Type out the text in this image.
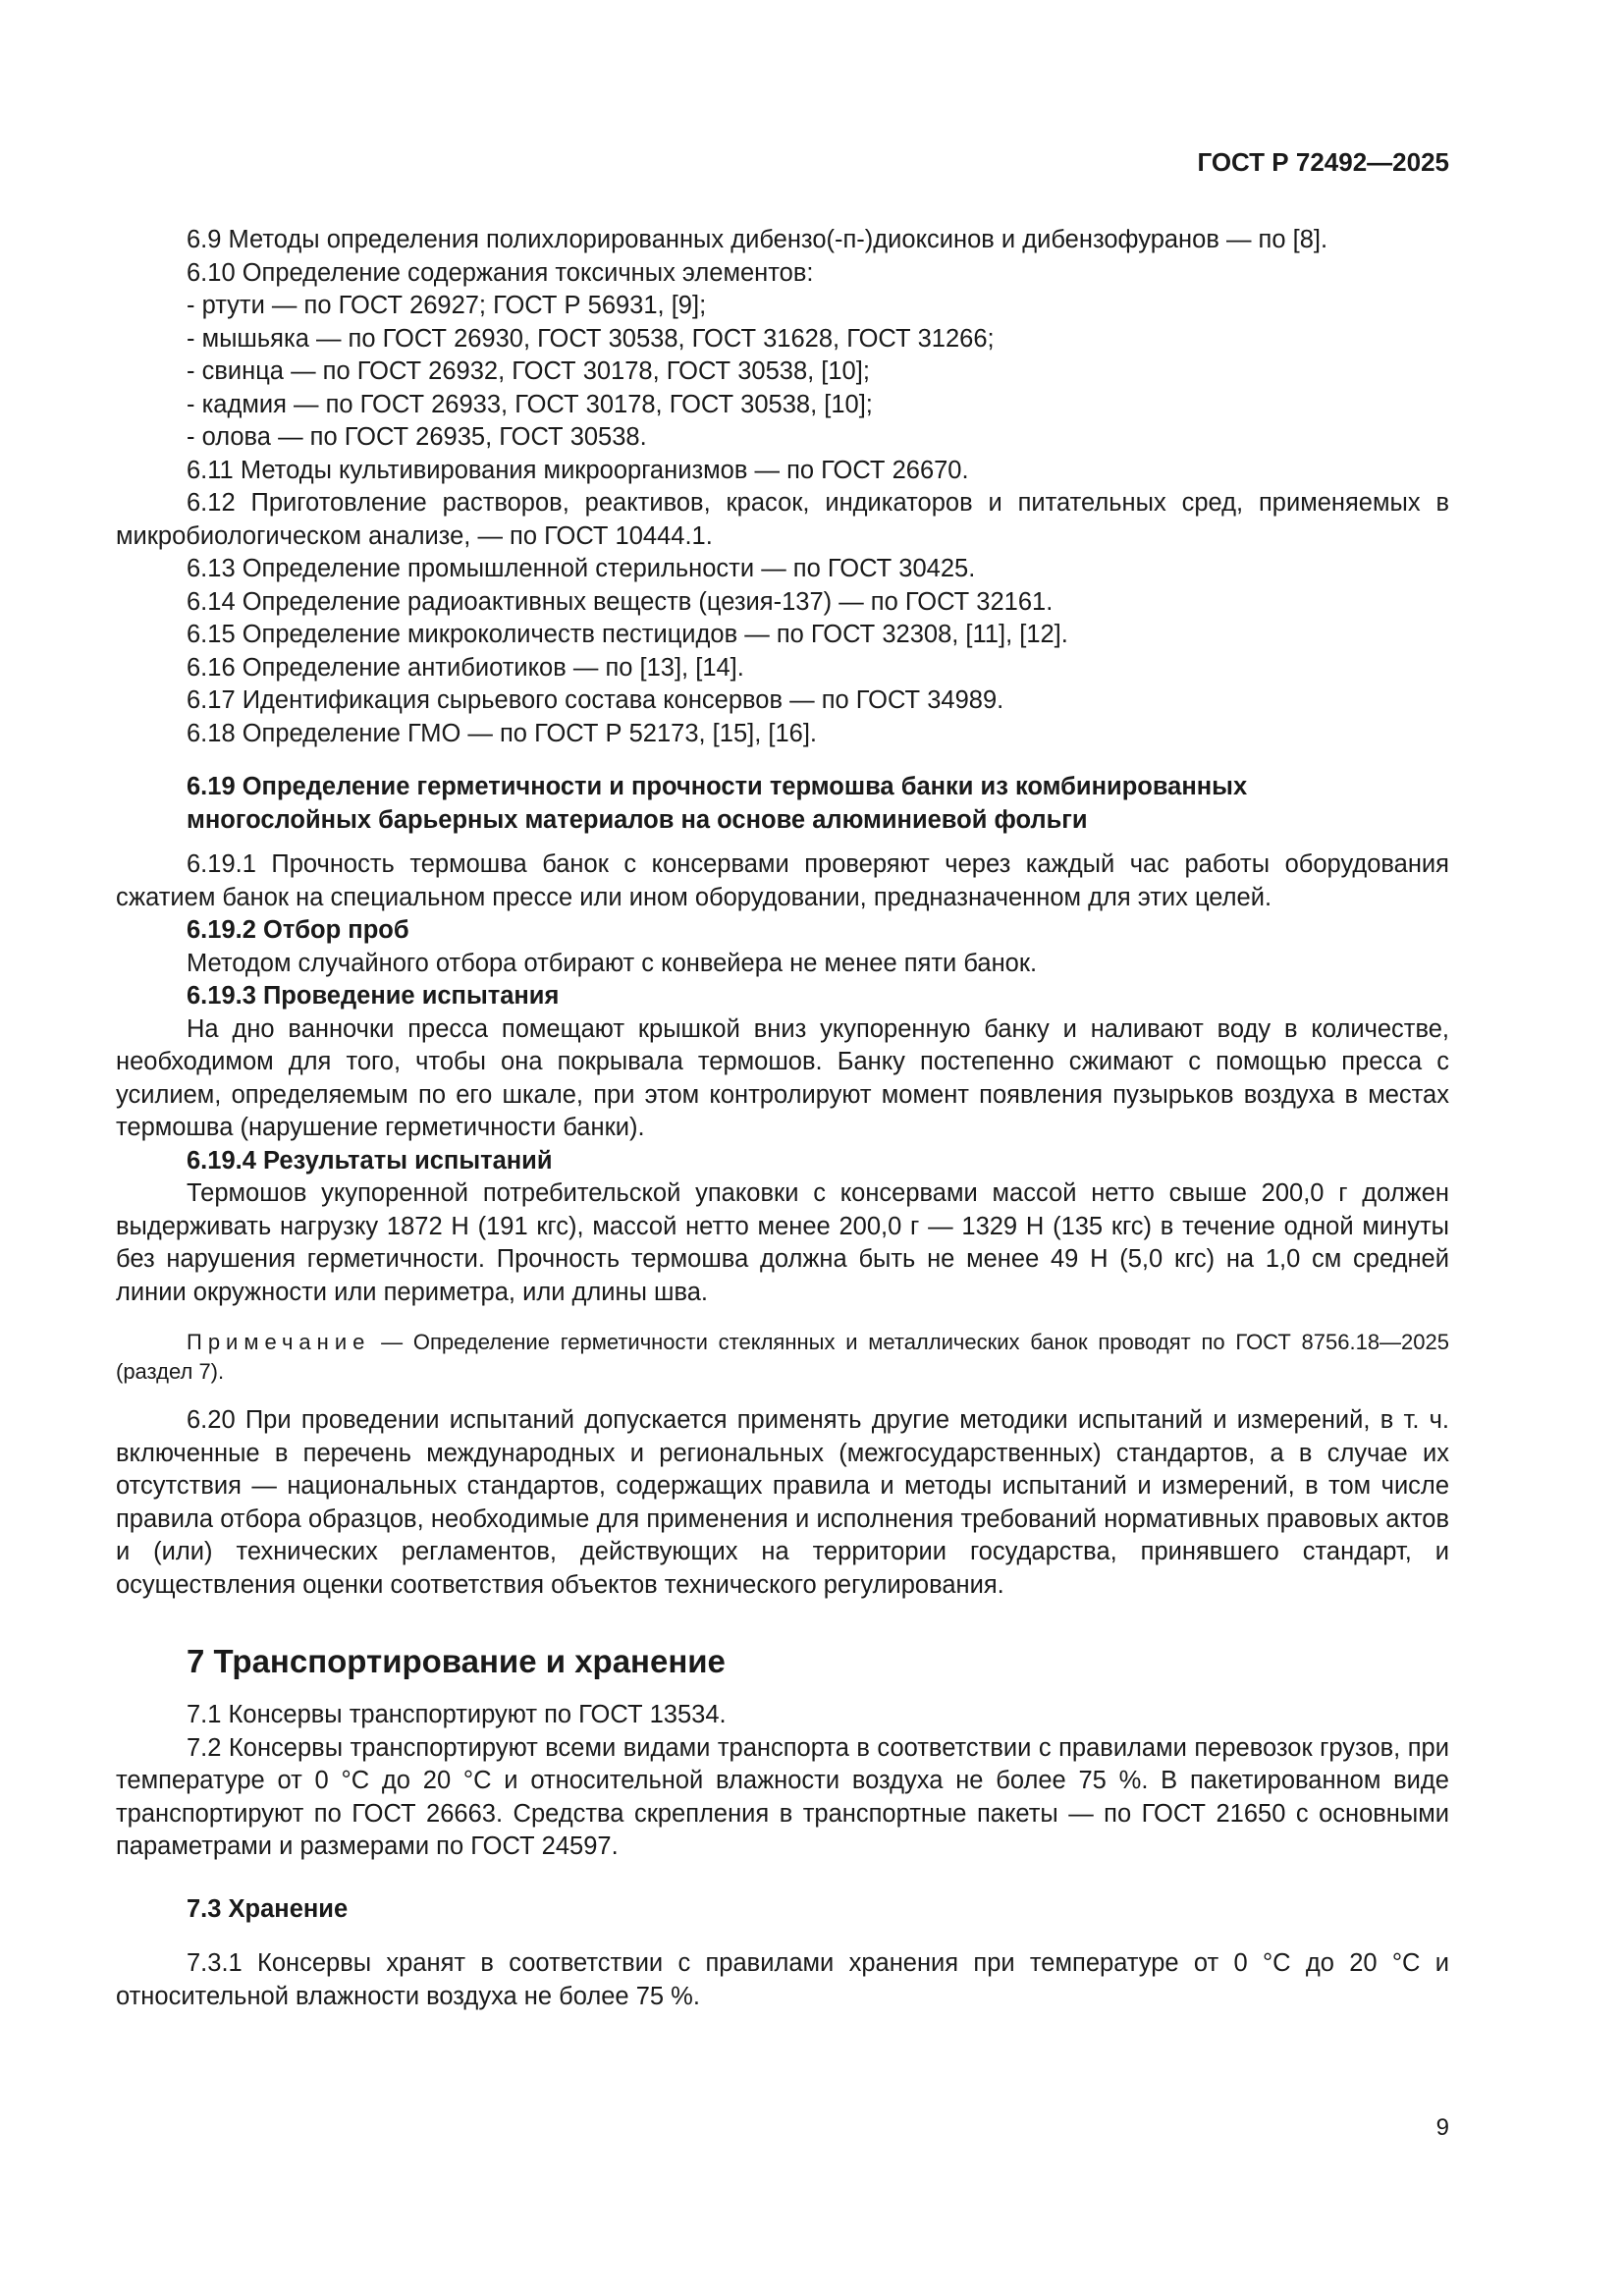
ГОСТ Р 72492—2025

6.9 Методы определения полихлорированных дибензо(-п-)диоксинов и дибензофуранов — по [8].

6.10 Определение содержания токсичных элементов:

- ртути — по ГОСТ 26927; ГОСТ Р 56931, [9];

- мышьяка — по ГОСТ 26930, ГОСТ 30538, ГОСТ 31628, ГОСТ 31266;

- свинца — по ГОСТ 26932, ГОСТ 30178, ГОСТ 30538, [10];

- кадмия — по ГОСТ 26933, ГОСТ 30178, ГОСТ 30538, [10];

- олова — по ГОСТ 26935, ГОСТ 30538.

6.11 Методы культивирования микроорганизмов — по ГОСТ 26670.

6.12 Приготовление растворов, реактивов, красок, индикаторов и питательных сред, применяемых в микробиологическом анализе, — по ГОСТ 10444.1.

6.13 Определение промышленной стерильности — по ГОСТ 30425.

6.14 Определение радиоактивных веществ (цезия-137) — по ГОСТ 32161.

6.15 Определение микроколичеств пестицидов — по ГОСТ 32308, [11], [12].

6.16 Определение антибиотиков — по [13], [14].

6.17 Идентификация сырьевого состава консервов — по ГОСТ 34989.

6.18 Определение ГМО — по ГОСТ Р 52173, [15], [16].

6.19 Определение герметичности и прочности термошва банки из комбинированных
многослойных барьерных материалов на основе алюминиевой фольги

6.19.1 Прочность термошва банок с консервами проверяют через каждый час работы оборудования сжатием банок на специальном прессе или ином оборудовании, предназначенном для этих целей.

6.19.2 Отбор проб

Методом случайного отбора отбирают с конвейера не менее пяти банок.

6.19.3 Проведение испытания

На дно ванночки пресса помещают крышкой вниз укупоренную банку и наливают воду в количестве, необходимом для того, чтобы она покрывала термошов. Банку постепенно сжимают с помощью пресса с усилием, определяемым по его шкале, при этом контролируют момент появления пузырьков воздуха в местах термошва (нарушение герметичности банки).

6.19.4 Результаты испытаний

Термошов укупоренной потребительской упаковки с консервами массой нетто свыше 200,0 г должен выдерживать нагрузку 1872 Н (191 кгс), массой нетто менее 200,0 г — 1329 Н (135 кгс) в течение одной минуты без нарушения герметичности. Прочность термошва должна быть не менее 49 Н (5,0 кгс) на 1,0 см средней линии окружности или периметра, или длины шва.

Примечание — Определение герметичности стеклянных и металлических банок проводят по ГОСТ 8756.18—2025 (раздел 7).

6.20 При проведении испытаний допускается применять другие методики испытаний и измерений, в т. ч. включенные в перечень международных и региональных (межгосударственных) стандартов, а в случае их отсутствия — национальных стандартов, содержащих правила и методы испытаний и измерений, в том числе правила отбора образцов, необходимые для применения и исполнения требований нормативных правовых актов и (или) технических регламентов, действующих на территории государства, принявшего стандарт, и осуществления оценки соответствия объектов технического регулирования.

7 Транспортирование и хранение

7.1 Консервы транспортируют по ГОСТ 13534.

7.2 Консервы транспортируют всеми видами транспорта в соответствии с правилами перевозок грузов, при температуре от 0 °С до 20 °С и относительной влажности воздуха не более 75 %. В пакетированном виде транспортируют по ГОСТ 26663. Средства скрепления в транспортные пакеты — по ГОСТ 21650 с основными параметрами и размерами по ГОСТ 24597.

7.3 Хранение

7.3.1 Консервы хранят в соответствии с правилами хранения при температуре от 0 °С до 20 °С и относительной влажности воздуха не более 75 %.

9
